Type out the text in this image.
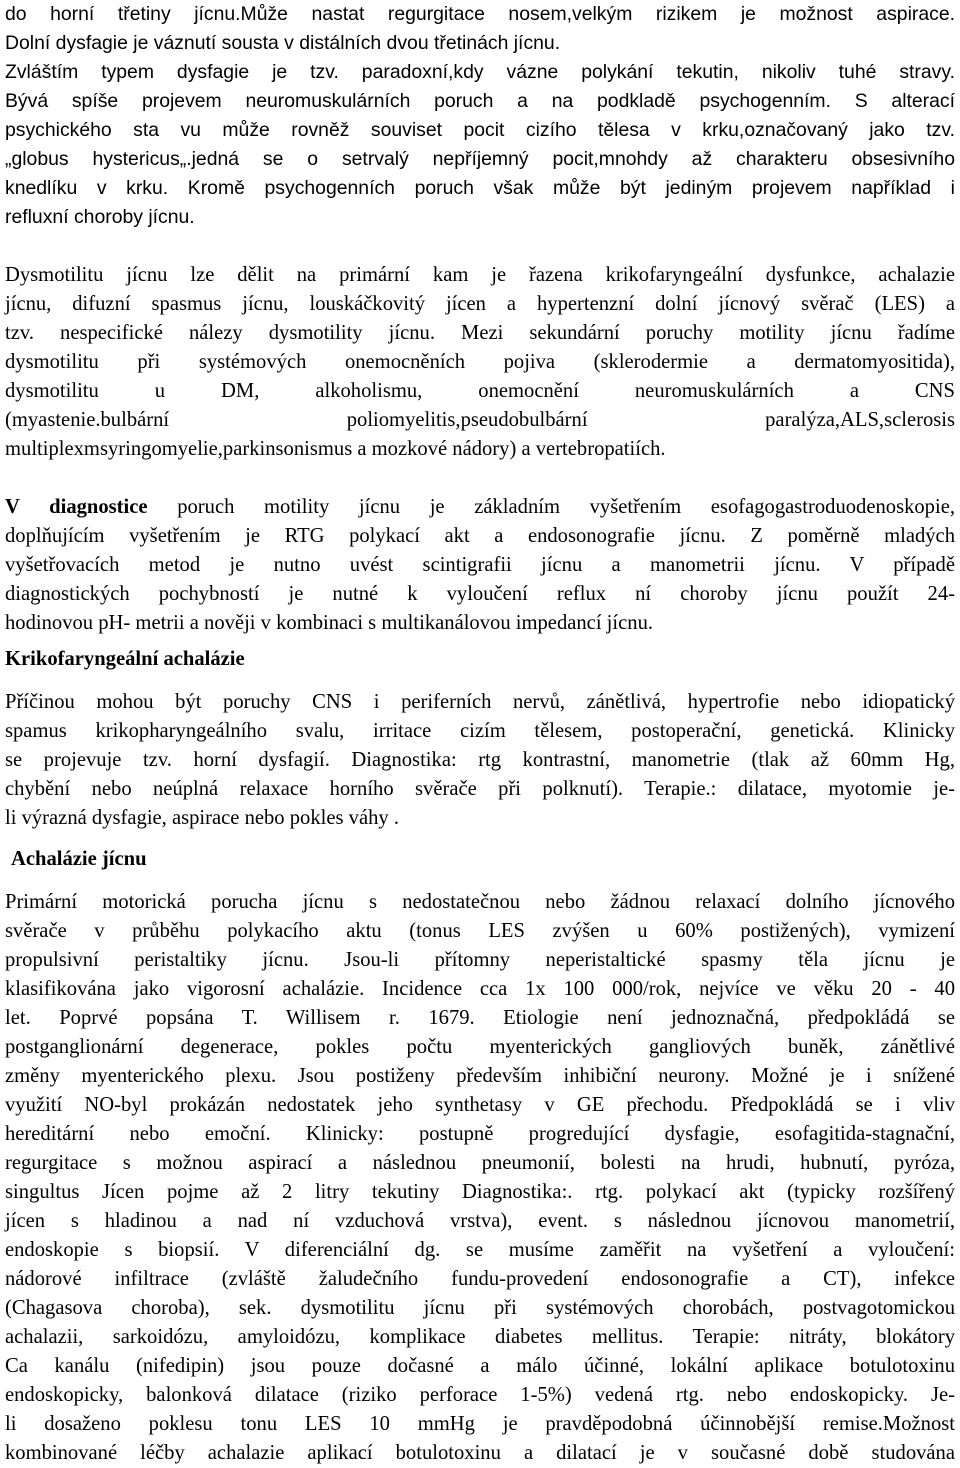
do horní třetiny jícnu.Může nastat regurgitace nosem,velkým rizikem je možnost aspirace.
Dolní dysfagie je váznutí sousta v distálních dvou třetinách jícnu.
Zvláštím typem dysfagie je tzv. paradoxní,kdy vázne polykání tekutin, nikoliv tuhé stravy.
Bývá spíše projevem neuromuskulárních poruch a na podkladě psychogenním. S alterací
psychického sta vu může rovněž souviset pocit cizího tělesa v krku,označovaný jako tzv.
„globus hystericus„.jedná se o setrvalý nepříjemný pocit,mnohdy až charakteru obsesivního
knedlíku v krku. Kromě psychogenních poruch však může být jediným projevem například i
refluxní choroby jícnu.
Dysmotilitu jícnu lze dělit na primární kam je řazena krikofaryngeální dysfunkce, achalazie
jícnu, difuzní spasmus jícnu, louskáčkovitý jícen a hypertenzní dolní jícnový svěrač (LES) a
tzv. nespecifické nálezy dysmotility jícnu. Mezi sekundární poruchy motility jícnu řadíme
dysmotilitu při systémových onemocněních pojiva (sklerodermie a dermatomyositida),
dysmotilitu u DM, alkoholismu, onemocnění neuromuskulárních a CNS
(myastenie.bulbární poliomyelitis,pseudobulbární paralýza,ALS,sclerosis
multiplexmsyringomyelie,parkinsonismus a mozkové nádory) a vertebropatiích.
V diagnostice poruch motility jícnu je základním vyšetřením esofagogastroduodenoskopie,
doplňujícím vyšetřením je RTG polykací akt a endosonografie jícnu. Z poměrně mladých
vyšetřovacích metod je nutno uvést scintigrafii jícnu a manometrii jícnu. V případě
diagnostických pochybností je nutné k vyloučení reflux ní choroby jícnu použít 24-
hodinovou pH- metrii a nověji v kombinaci s multikanálovou impedancí jícnu.
Krikofaryngeální achalázie
Příčinou mohou být poruchy CNS i periferních nervů, zánětlivá, hypertrofie nebo idiopatický
spamus krikopharyngeálního svalu, irritace cizím tělesem, postoperační, genetická. Klinicky
se projevuje tzv. horní dysfagií. Diagnostika: rtg kontrastní, manometrie (tlak až 60mm Hg,
chybění nebo neúplná relaxace horního svěrače při polknutí). Terapie.: dilatace, myotomie je-
li výrazná dysfagie, aspirace nebo pokles váhy .
Achalázie jícnu
Primární motorická porucha jícnu s nedostatečnou nebo žádnou relaxací dolního jícnového
svěrače v průběhu polykacího aktu (tonus LES zvýšen u 60% postižených), vymizení
propulsivní peristaltiky jícnu. Jsou-li přítomny neperistaltické spasmy těla jícnu je
klasifikována jako vigorosní achalázie. Incidence cca 1x 100 000/rok, nejvíce ve věku 20 - 40
let. Poprvé popsána T. Willisem r. 1679. Etiologie není jednoznačná, předpokládá se
postganglionární degenerace, pokles počtu myenterických gangliových buněk, zánětlivé
změny myenterického plexu. Jsou postiženy především inhibiční neurony. Možné je i snížené
využití NO-byl prokázán nedostatek jeho synthetasy v GE přechodu. Předpokládá se i vliv
hereditární nebo emoční. Klinicky: postupně progredující dysfagie, esofagitida-stagnační,
regurgitace s možnou aspirací a následnou pneumonií, bolesti na hrudi, hubnutí, pyróza,
singultus Jícen pojme až 2 litry tekutiny Diagnostika:. rtg. polykací akt (typicky rozšířený
jícen s hladinou a nad ní vzduchová vrstva), event. s následnou jícnovou manometrií,
endoskopie s biopsií. V diferenciální dg. se musíme zaměřit na vyšetření a vyloučení:
nádorové infiltrace (zvláště žaludečního fundu-provedení endosonografie a CT), infekce
(Chagasova choroba), sek. dysmotilitu jícnu při systémových chorobách, postvagotomickou
achalazii, sarkoidózu, amyloidózu, komplikace diabetes mellitus. Terapie: nitráty, blokátory
Ca kanálu (nifedipin) jsou pouze dočasné a málo účinné, lokální aplikace botulotoxinu
endoskopicky, balonková dilatace (riziko perforace 1-5%) vedená rtg. nebo endoskopicky. Je-
li dosaženo poklesu tonu LES 10 mmHg je pravděpodobná účinnobější remise.Možnost
kombinované léčby achalazie aplikací botulotoxinu a dilatací je v současné době studována
